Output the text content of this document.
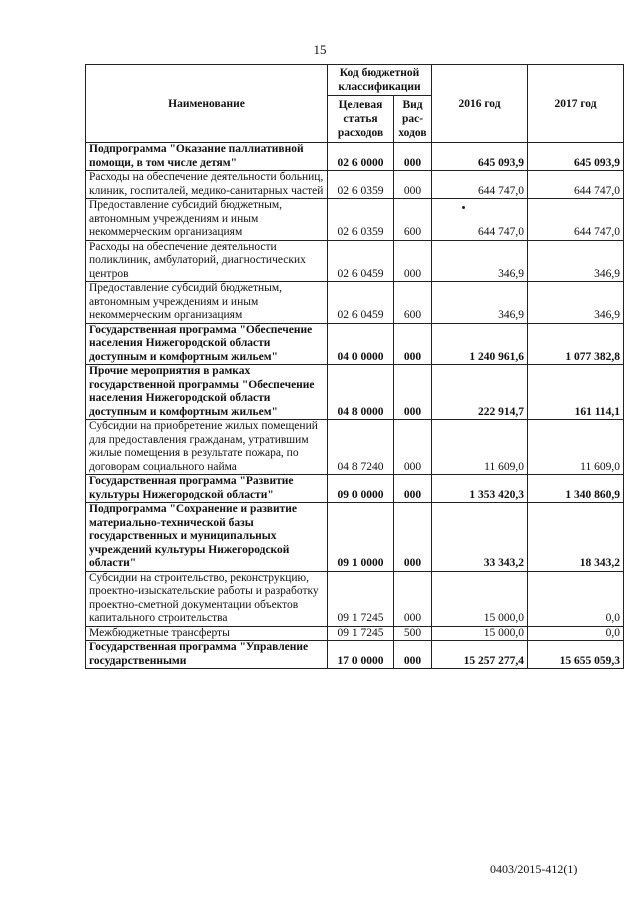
15
Наименование	Код бюджетной классификации		2016 год	2017 год
	Целевая статья расходов	Вид рас-ходов		
Подпрограмма "Оказание паллиативной помощи, в том числе детям"	02 6 0000	000	645 093,9	645 093,9
Расходы на обеспечение деятельности больниц, клиник, госпиталей, медико-санитарных частей	02 6 0359	000	644 747,0	644 747,0
Предоставление субсидий бюджетным, автономным учреждениям и иным некоммерческим организациям	02 6 0359	600	644 747,0	644 747,0
Расходы на обеспечение деятельности поликлиник, амбулаторий, диагностических центров	02 6 0459	000	346,9	346,9
Предоставление субсидий бюджетным, автономным учреждениям и иным некоммерческим организациям	02 6 0459	600	346,9	346,9
Государственная программа "Обеспечение населения Нижегородской области доступным и комфортным жильем"	04 0 0000	000	1 240 961,6	1 077 382,8
Прочие мероприятия в рамках государственной программы "Обеспечение населения Нижегородской области доступным и комфортным жильем"	04 8 0000	000	222 914,7	161 114,1
Субсидии на приобретение жилых помещений для предоставления гражданам, утратившим жилые помещения в результате пожара, по договорам социального найма	04 8 7240	000	11 609,0	11 609,0
Государственная программа "Развитие культуры Нижегородской области"	09 0 0000	000	1 353 420,3	1 340 860,9
Подпрограмма "Сохранение и развитие материально-технической базы государственных и муниципальных учреждений культуры Нижегородской области"	09 1 0000	000	33 343,2	18 343,2
Субсидии на строительство, реконструкцию, проектно-изыскательские работы и разработку проектно-сметной документации объектов капитального строительства	09 1 7245	000	15 000,0	0,0
Межбюджетные трансферты	09 1 7245	500	15 000,0	0,0
Государственная программа "Управление государственными	17 0 0000	000	15 257 277,4	15 655 059,3
0403/2015-412(1)
